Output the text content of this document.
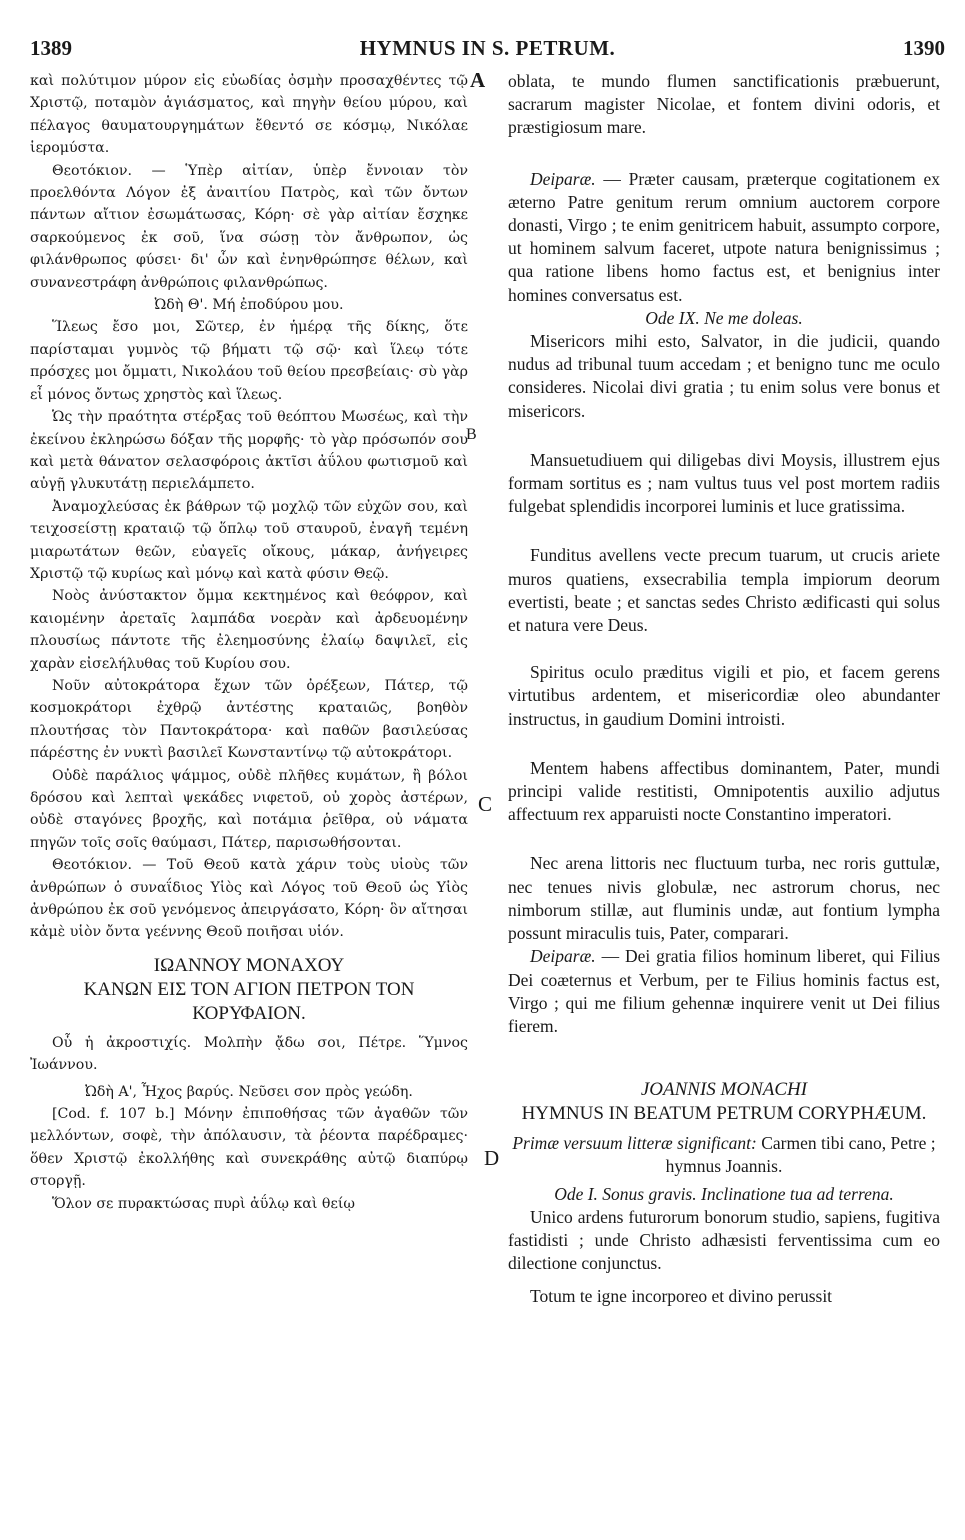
1389	HYMNUS IN S. PETRUM.	1390
A
B
C
D

καὶ πολύτιμον μύρον εἰς εὐωδίας ὀσμὴν προσαχθέντες τῷ Χριστῷ, ποταμὸν ἁγιάσματος, καὶ πηγὴν θείου μύρου, καὶ πέλαγος θαυματουργημάτων ἔθεντό σε κόσμῳ, Νικόλαε ἱερομύστα.

Θεοτόκιον. — Ὑπὲρ αἰτίαν, ὑπὲρ ἔννοιαν τὸν προελθόντα Λόγον ἐξ ἀναιτίου Πατρὸς, καὶ τῶν ὄντων πάντων αἴτιον ἐσωμάτωσας, Κόρη· σὲ γὰρ αἰτίαν ἔσχηκε σαρκούμενος ἐκ σοῦ, ἵνα σώσῃ τὸν ἄνθρωπον, ὡς φιλάνθρωπος φύσει· δι' ὧν καὶ ἐνηνθρώπησε θέλων, καὶ συνανεστράφη ἀνθρώποις φιλανθρώπως.

Ὠδὴ Θ'. Μή ἐποδύρου μου.

Ἵλεως ἔσο μοι, Σῶτερ, ἐν ἡμέρᾳ τῆς δίκης, ὅτε παρίσταμαι γυμνὸς τῷ βήματι τῷ σῷ· καὶ ἵλεῳ τότε πρόσχες μοι ὄμματι, Νικολάου τοῦ θείου πρεσβείαις· σὺ γὰρ εἶ μόνος ὄντως χρηστὸς καὶ ἵλεως.

Ὡς τὴν πραότητα στέρξας τοῦ θεόπτου Μωσέως, καὶ τὴν ἐκείνου ἐκληρώσω δόξαν τῆς μορφῆς· τὸ γὰρ πρόσωπόν σου καὶ μετὰ θάνατον σελασφόροις ἀκτῖσι ἀΰλου φωτισμοῦ καὶ αὐγῇ γλυκυτάτῃ περιελάμπετο.

Ἀναμοχλεύσας ἐκ βάθρων τῷ μοχλῷ τῶν εὐχῶν σου, καὶ τειχοσείστῃ κραταιῷ τῷ ὅπλῳ τοῦ σταυροῦ, ἐναγῆ τεμένη μιαρωτάτων θεῶν, εὐαγεῖς οἴκους, μάκαρ, ἀνήγειρες Χριστῷ τῷ κυρίως καὶ μόνῳ καὶ κατὰ φύσιν Θεῷ.

Νοὸς ἀνύστακτον ὄμμα κεκτημένος καὶ θεόφρον, καὶ καιομένην ἀρεταῖς λαμπάδα νοερὰν καὶ ἀρδευομένην πλουσίως πάντοτε τῆς ἐλεημοσύνης ἐλαίῳ δαψιλεῖ, εἰς χαρὰν εἰσελήλυθας τοῦ Κυρίου σου.

Νοῦν αὐτοκράτορα ἔχων τῶν ὀρέξεων, Πάτερ, τῷ κοσμοκράτορι ἐχθρῷ ἀντέστης κραταιῶς, βοηθὸν πλουτήσας τὸν Παντοκράτορα· καὶ παθῶν βασιλεύσας πάρέστης ἐν νυκτὶ βασιλεῖ Κωνσταντίνῳ τῷ αὐτοκράτορι.

Οὐδὲ παράλιος ψάμμος, οὐδὲ πλῆθες κυμάτων, ἢ βόλοι δρόσου καὶ λεπταὶ ψεκάδες νιφετοῦ, οὐ χορὸς ἀστέρων, οὐδὲ σταγόνες βροχῆς, καὶ ποτάμια ῥεῖθρα, οὐ νάματα πηγῶν τοῖς σοῖς θαύμασι, Πάτερ, παρισωθήσονται.

Θεοτόκιον. — Τοῦ Θεοῦ κατὰ χάριν τοὺς υἱοὺς τῶν ἀνθρώπων ὁ συναΐδιος Υἱὸς καὶ Λόγος τοῦ Θεοῦ ὡς Υἱὸς ἀνθρώπου ἐκ σοῦ γενόμενος ἀπειργάσατο, Κόρη· ὃν αἴτησαι κἀμὲ υἱὸν ὄντα γεέννης Θεοῦ ποιῆσαι υἱόν.

ΙΩΑΝΝΟΥ ΜΟΝΑΧΟΥ
ΚΑΝΩΝ ΕΙΣ ΤΟΝ ΑΓΙΟΝ ΠΕΤΡΟΝ ΤΟΝ ΚΟΡΥΦΑΙΟΝ.

Οὗ ἡ ἀκροστιχίς. Μολπὴν ᾄδω σοι, Πέτρε. Ὕμνος Ἰωάννου.

Ὠδὴ Α', Ἦχος βαρύς. Νεῦσει σον πρὸς γεώδη.

[Cod. f. 107 b.] Μόνην ἐπιποθήσας τῶν ἀγαθῶν τῶν μελλόντων, σοφὲ, τὴν ἀπόλαυσιν, τὰ ῥέοντα παρέδραμες· ὅθεν Χριστῷ ἐκολλήθης καὶ συνεκράθης αὐτῷ διαπύρῳ στοργῇ.

Ὅλον σε πυρακτώσας πυρὶ ἀΰλῳ καὶ θείῳ

oblata, te mundo flumen sanctificationis præbuerunt, sacrarum magister Nicolae, et fontem divini odoris, et præstigiosum mare.

Deiparæ. — Præter causam, præterque cogitationem ex æterno Patre genitum rerum omnium auctorem corpore donasti, Virgo ; te enim genitricem habuit, assumpto corpore, ut hominem salvum faceret, utpote natura benignissimus ; qua ratione libens homo factus est, et benignius inter homines conversatus est.

Ode IX. Ne me doleas.

Misericors mihi esto, Salvator, in die judicii, quando nudus ad tribunal tuum accedam ; et benigno tunc me oculo consideres. Nicolai divi gratia ; tu enim solus vere bonus et misericors.

Mansuetudiuem qui diligebas divi Moysis, illustrem ejus formam sortitus es ; nam vultus tuus vel post mortem radiis fulgebat splendidis incorporei luminis et luce gratissima.

Funditus avellens vecte precum tuarum, ut crucis ariete muros quatiens, exsecrabilia templa impiorum deorum evertisti, beate ; et sanctas sedes Christo ædificasti qui solus et natura vere Deus.

Spiritus oculo præditus vigili et pio, et facem gerens virtutibus ardentem, et misericordiæ oleo abundanter instructus, in gaudium Domini introisti.

Mentem habens affectibus dominantem, Pater, mundi principi valide restitisti, Omnipotentis auxilio adjutus affectuum rex apparuisti nocte Constantino imperatori.

Nec arena littoris nec fluctuum turba, nec roris guttulæ, nec tenues nivis globulæ, nec astrorum chorus, nec nimborum stillæ, aut fluminis undæ, aut fontium lympha possunt miraculis tuis, Pater, comparari.

Deiparæ. — Dei gratia filios hominum liberet, qui Filius Dei coæternus et Verbum, per te Filius hominis factus est, Virgo ; qui me filium gehennæ inquirere venit ut Dei filius fierem.

JOANNIS MONACHI
HYMNUS IN BEATUM PETRUM CORYPHÆUM.

Primæ versuum litteræ significant: Carmen tibi cano, Petre ; hymnus Joannis.

Ode I. Sonus gravis. Inclinatione tua ad terrena.

Unico ardens futurorum bonorum studio, sapiens, fugitiva fastidisti ; unde Christo adhæsisti ferventissima cum eo dilectione conjunctus.

Totum te igne incorporeo et divino perussit
